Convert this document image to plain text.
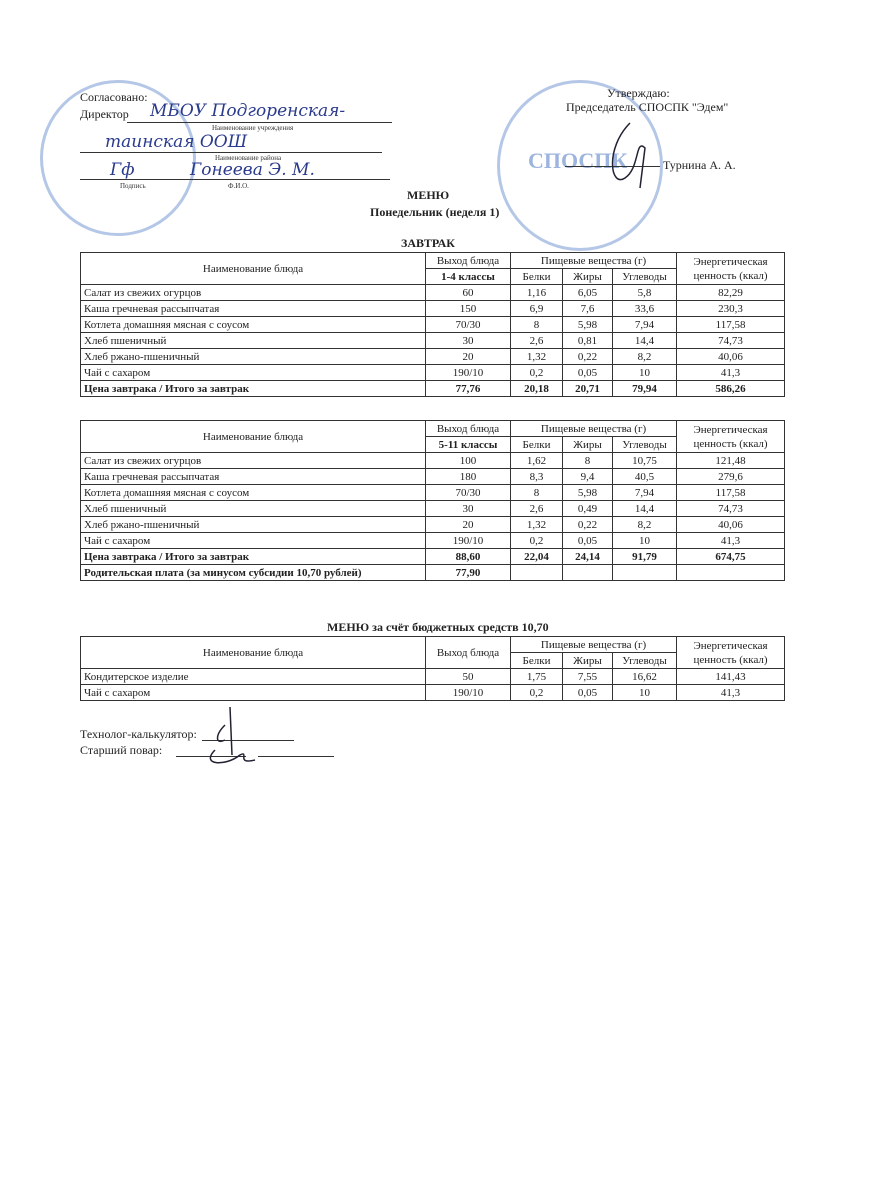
СПОСПК
Согласовано:
Директор МБОУ Подгоренская-
Наименование учреждения
таинская ООШ
Наименование района
Гф	Гонеева Э. М.
Подпись	Ф.И.О.
Утверждаю:
Председатель СПОСПК "Эдем"
Турнина А. А.
МЕНЮ
Понедельник (неделя 1)
ЗАВТРАК
Наименование блюда	Выход блюда	Пищевые вещества (г)			Энергетическая ценность (ккал)
	1-4 классы	Белки	Жиры	Углеводы	
Салат из свежих огурцов	60	1,16	6,05	5,8	82,29
Каша гречневая рассыпчатая	150	6,9	7,6	33,6	230,3
Котлета домашняя мясная с соусом	70/30	8	5,98	7,94	117,58
Хлеб пшеничный	30	2,6	0,81	14,4	74,73
Хлеб ржано-пшеничный	20	1,32	0,22	8,2	40,06
Чай с сахаром	190/10	0,2	0,05	10	41,3
Цена завтрака / Итого за завтрак	77,76	20,18	20,71	79,94	586,26
Наименование блюда	Выход блюда	Пищевые вещества (г)			Энергетическая ценность (ккал)
	5-11 классы	Белки	Жиры	Углеводы	
Салат из свежих огурцов	100	1,62	8	10,75	121,48
Каша гречневая рассыпчатая	180	8,3	9,4	40,5	279,6
Котлета домашняя мясная с соусом	70/30	8	5,98	7,94	117,58
Хлеб пшеничный	30	2,6	0,49	14,4	74,73
Хлеб ржано-пшеничный	20	1,32	0,22	8,2	40,06
Чай с сахаром	190/10	0,2	0,05	10	41,3
Цена завтрака / Итого за завтрак	88,60	22,04	24,14	91,79	674,75
Родительская плата (за минусом субсидии 10,70 рублей)	77,90				
МЕНЮ за счёт бюджетных средств 10,70
Наименование блюда	Выход блюда	Пищевые вещества (г)			Энергетическая ценность (ккал)
		Белки	Жиры	Углеводы	
Кондитерское изделие	50	1,75	7,55	16,62	141,43
Чай с сахаром	190/10	0,2	0,05	10	41,3
Технолог-калькулятор:
Старший повар:
